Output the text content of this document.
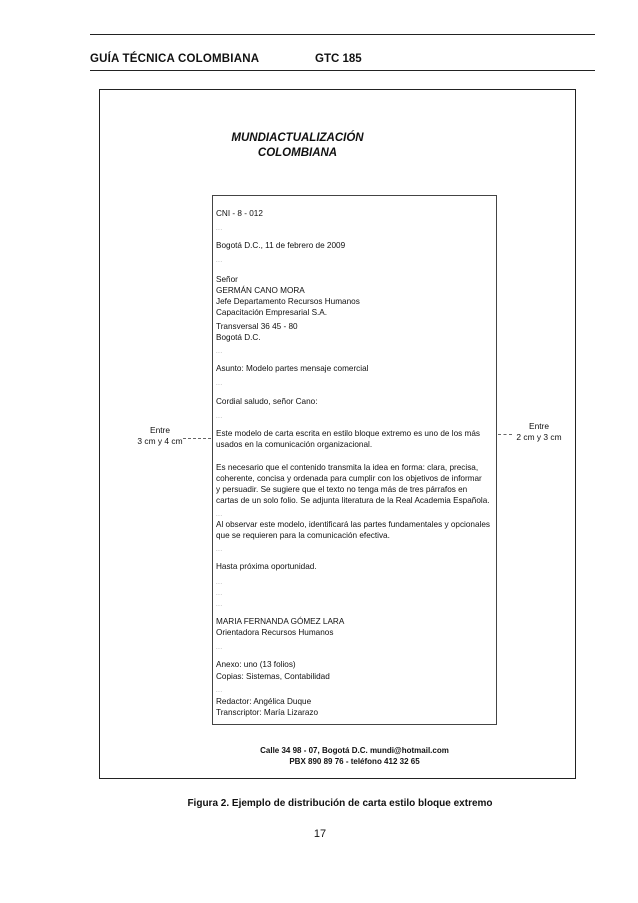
GUÍA TÉCNICA COLOMBIANA	GTC 185
MUNDIACTUALIZACIÓN
COLOMBIANA
CNI - 8 - 012
...
Bogotá D.C., 11 de febrero de 2009
...
Señor
GERMÁN CANO MORA
Jefe Departamento Recursos Humanos
Capacitación Empresarial S.A.
Transversal 36 45 - 80
Bogotá D.C.
...
Asunto: Modelo partes mensaje comercial
...
Cordial saludo, señor Cano:
...
Este modelo de carta escrita en estilo bloque extremo es uno de los más
usados en la comunicación organizacional.
Es necesario que el contenido transmita la idea en forma: clara, precisa,
coherente, concisa y ordenada para cumplir con los objetivos de informar
y persuadir. Se sugiere que el texto no tenga más de tres párrafos en
cartas de un solo folio. Se adjunta literatura de la Real Academia Española.
...
Al observar este modelo, identificará las partes fundamentales y opcionales
que se requieren para la comunicación efectiva.
...
Hasta próxima oportunidad.
...
...
...
MARIA FERNANDA GÓMEZ LARA
Orientadora Recursos Humanos
...
Anexo: uno (13 folios)
Copias: Sistemas, Contabilidad
...
Redactor: Angélica Duque
Transcriptor: María Lizarazo
Calle 34 98 - 07, Bogotá D.C. mundi@hotmail.com
PBX 890 89 76 - teléfono 412 32 65
Entre
3 cm y 4 cm
Entre
2 cm y 3 cm
Figura 2. Ejemplo de distribución de carta estilo bloque extremo
17
